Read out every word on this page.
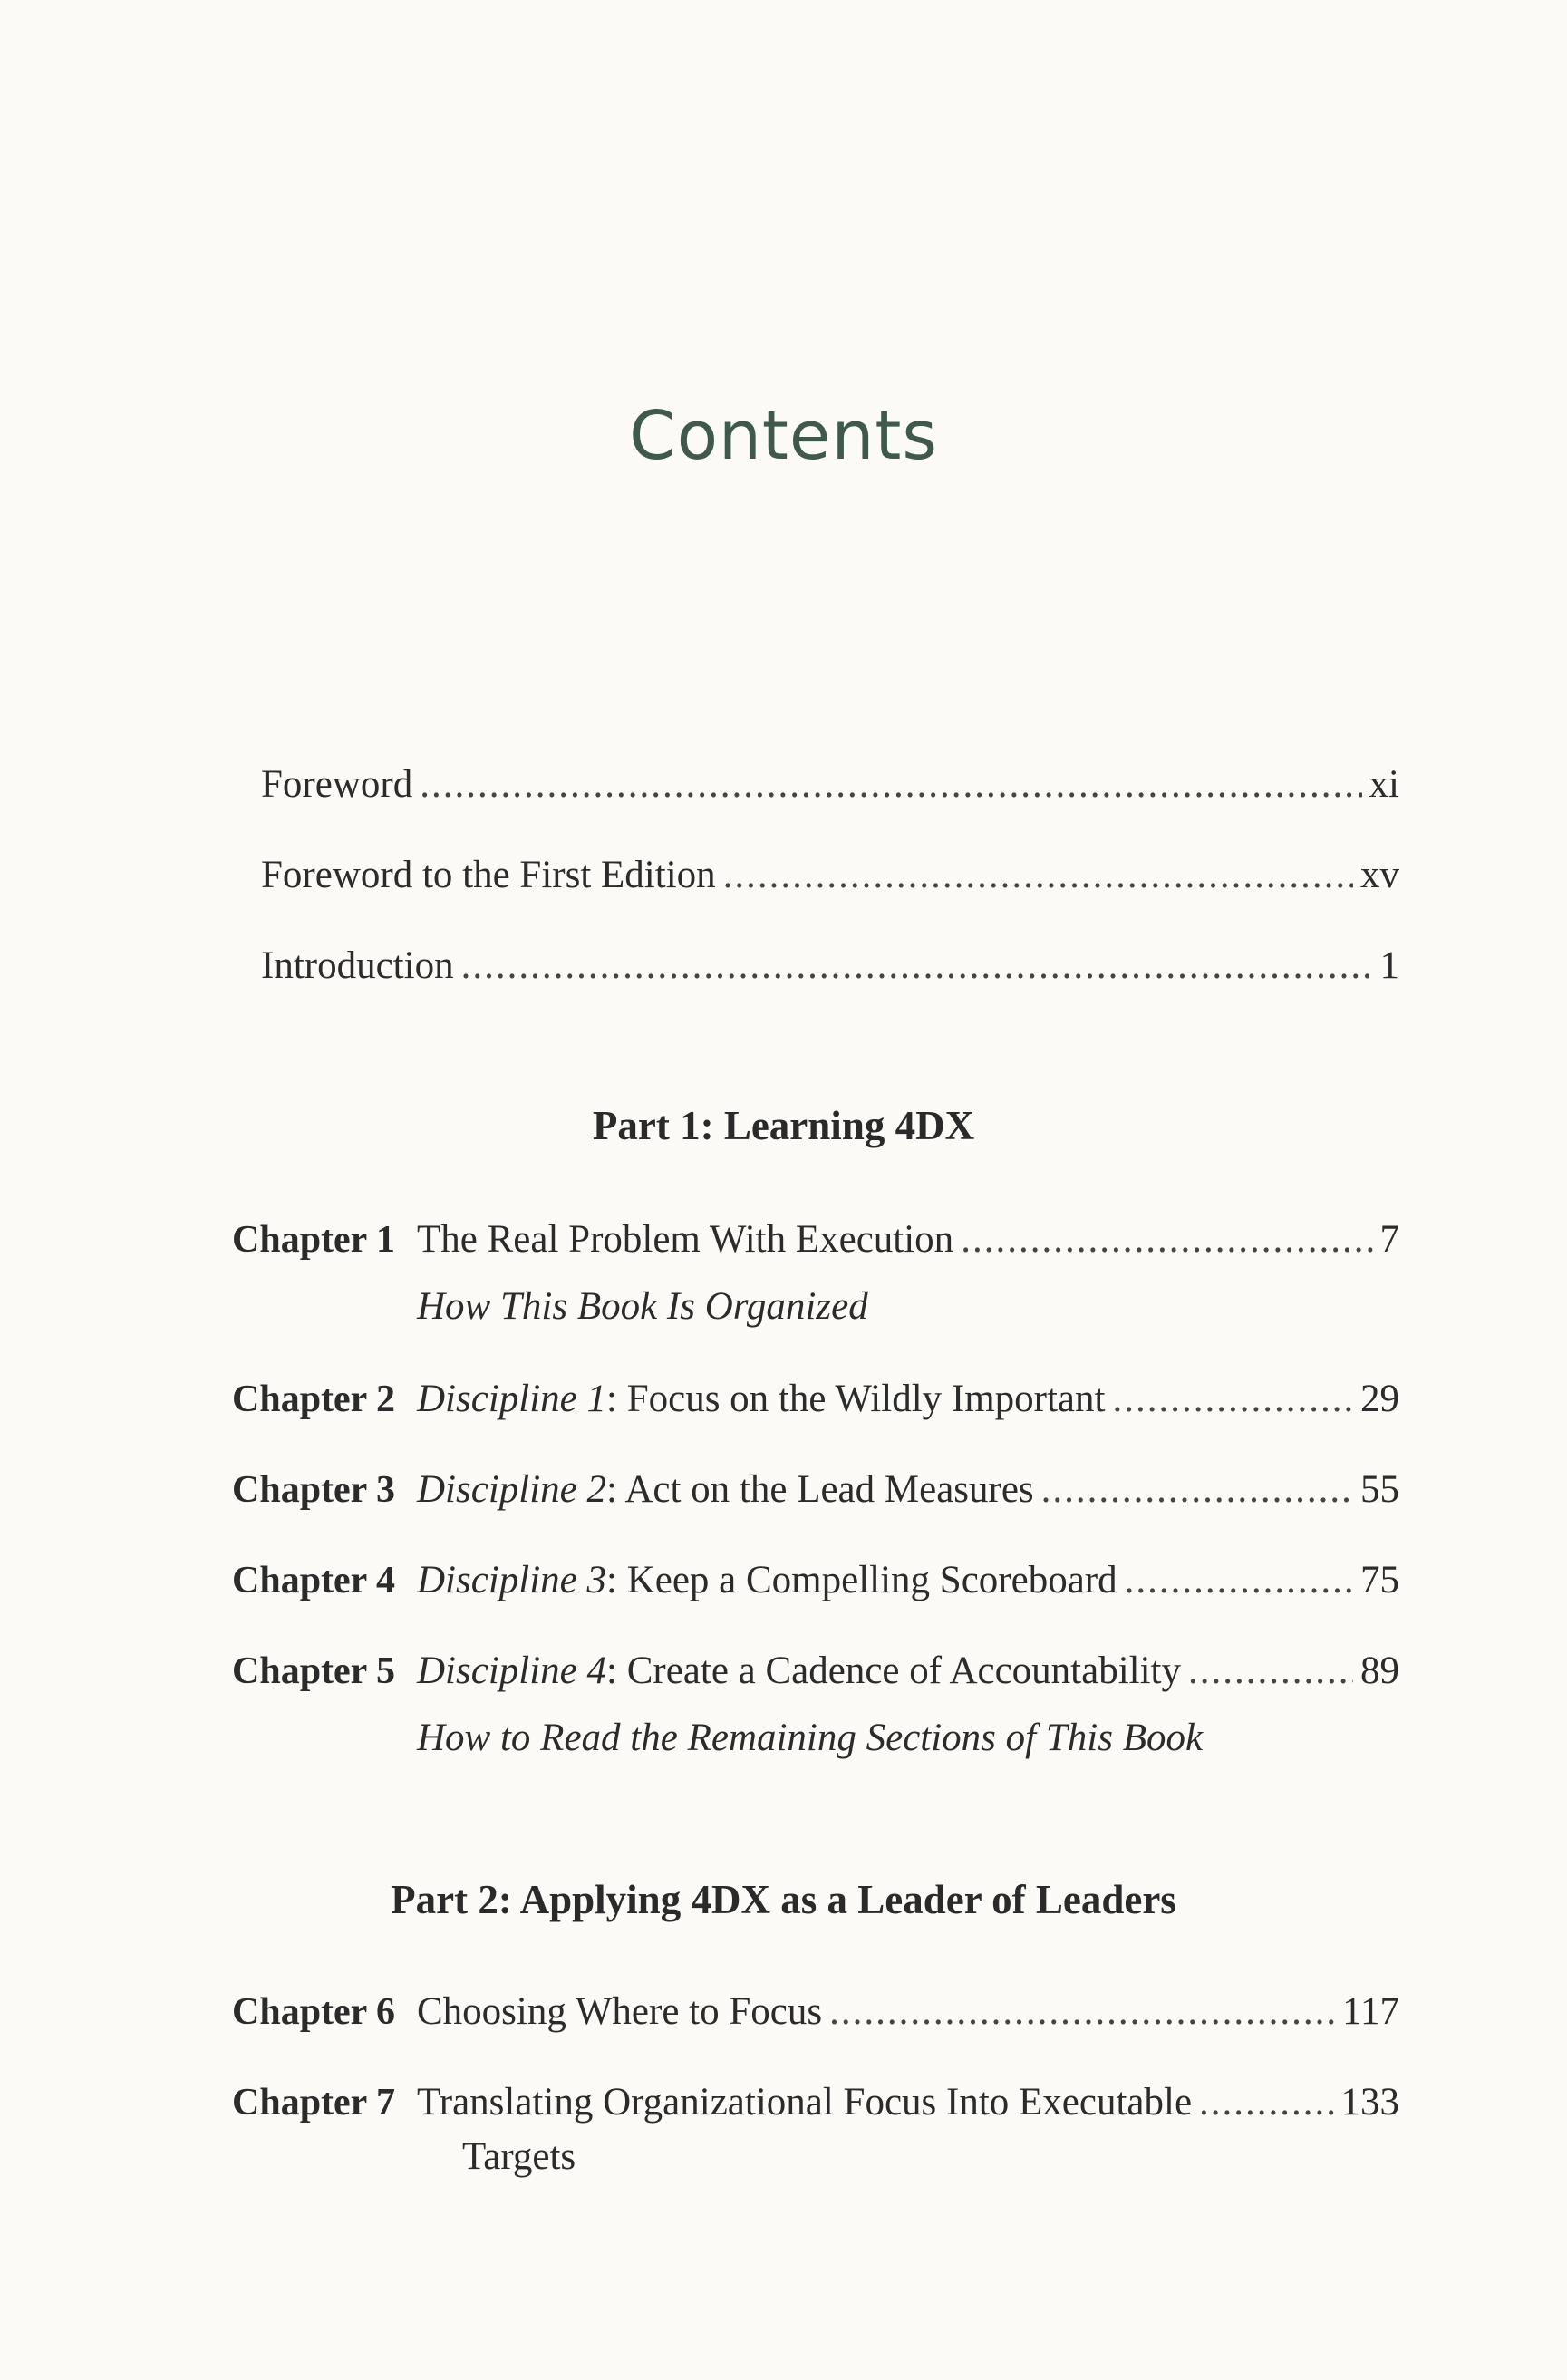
Contents
Foreword .....	xi
Foreword to the First Edition .....	xv
Introduction .....	1
Part 1: Learning 4DX
Chapter 1 The Real Problem With Execution .....	7
How This Book Is Organized
Chapter 2 Discipline 1: Focus on the Wildly Important .....	29
Chapter 3 Discipline 2: Act on the Lead Measures .....	55
Chapter 4 Discipline 3: Keep a Compelling Scoreboard .....	75
Chapter 5 Discipline 4: Create a Cadence of Accountability .....	89
How to Read the Remaining Sections of This Book
Part 2: Applying 4DX as a Leader of Leaders
Chapter 6 Choosing Where to Focus .....	117
Chapter 7 Translating Organizational Focus Into Executable .....	133
Targets
